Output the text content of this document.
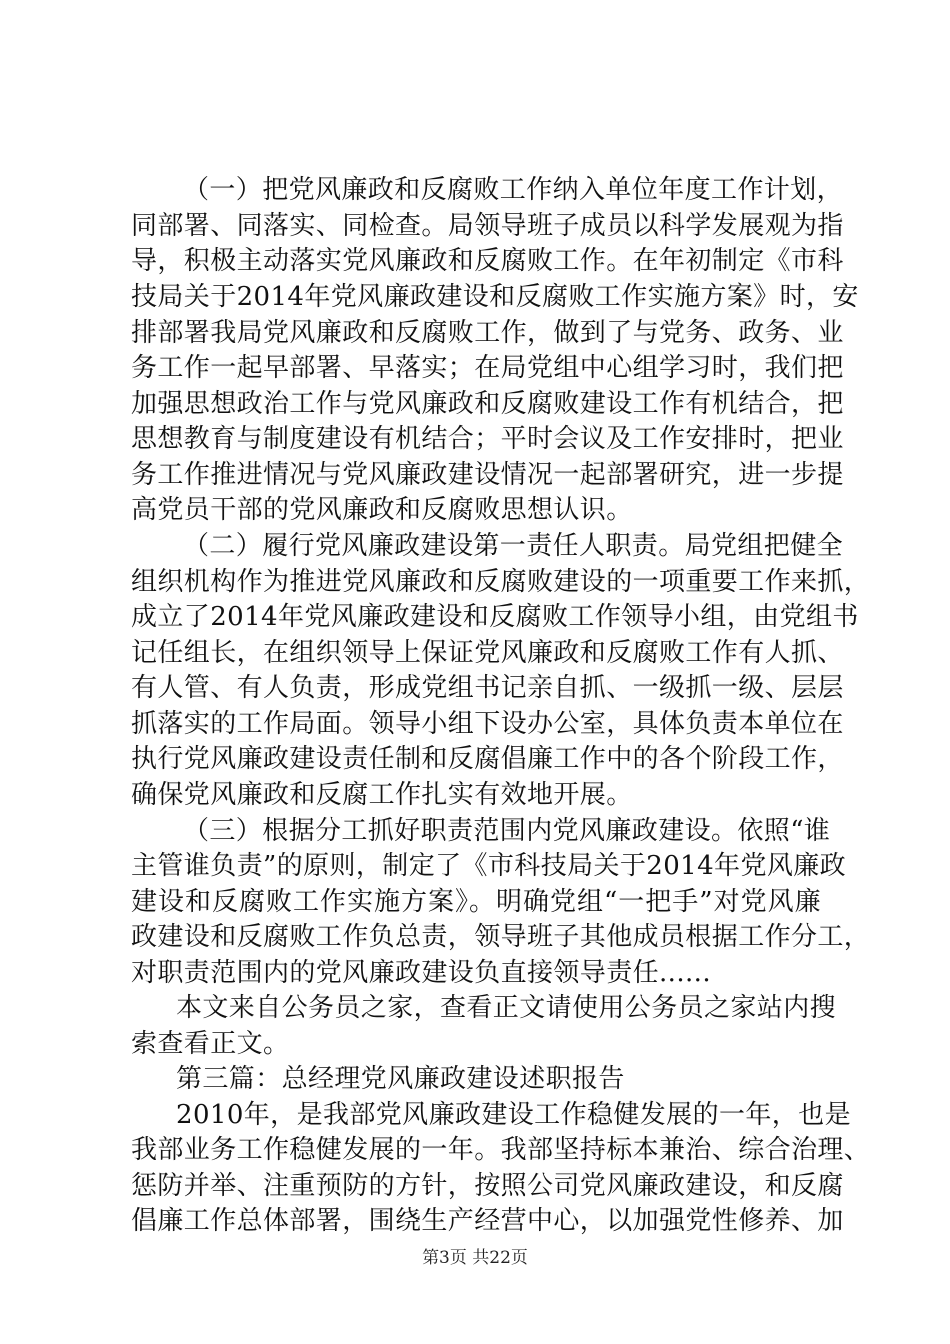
（一）把党风廉政和反腐败工作纳入单位年度工作计划，
同部署、同落实、同检查。局领导班子成员以科学发展观为指
导，积极主动落实党风廉政和反腐败工作。在年初制定《市科
技局关于2014年党风廉政建设和反腐败工作实施方案》时，安
排部署我局党风廉政和反腐败工作，做到了与党务、政务、业
务工作一起早部署、早落实；在局党组中心组学习时，我们把
加强思想政治工作与党风廉政和反腐败建设工作有机结合，把
思想教育与制度建设有机结合；平时会议及工作安排时，把业
务工作推进情况与党风廉政建设情况一起部署研究，进一步提
高党员干部的党风廉政和反腐败思想认识。
（二）履行党风廉政建设第一责任人职责。局党组把健全
组织机构作为推进党风廉政和反腐败建设的一项重要工作来抓，
成立了2014年党风廉政建设和反腐败工作领导小组，由党组书
记任组长，在组织领导上保证党风廉政和反腐败工作有人抓、
有人管、有人负责，形成党组书记亲自抓、一级抓一级、层层
抓落实的工作局面。领导小组下设办公室，具体负责本单位在
执行党风廉政建设责任制和反腐倡廉工作中的各个阶段工作，
确保党风廉政和反腐工作扎实有效地开展。
（三）根据分工抓好职责范围内党风廉政建设。依照“谁
主管谁负责”的原则，制定了《市科技局关于2014年党风廉政
建设和反腐败工作实施方案》。明确党组“一把手”对党风廉
政建设和反腐败工作负总责，领导班子其他成员根据工作分工，
对职责范围内的党风廉政建设负直接领导责任......
本文来自公务员之家，查看正文请使用公务员之家站内搜
索查看正文。
第三篇：总经理党风廉政建设述职报告
2010年，是我部党风廉政建设工作稳健发展的一年，也是
我部业务工作稳健发展的一年。我部坚持标本兼治、综合治理、
惩防并举、注重预防的方针，按照公司党风廉政建设，和反腐
倡廉工作总体部署，围绕生产经营中心，以加强党性修养、加
第3页 共22页
